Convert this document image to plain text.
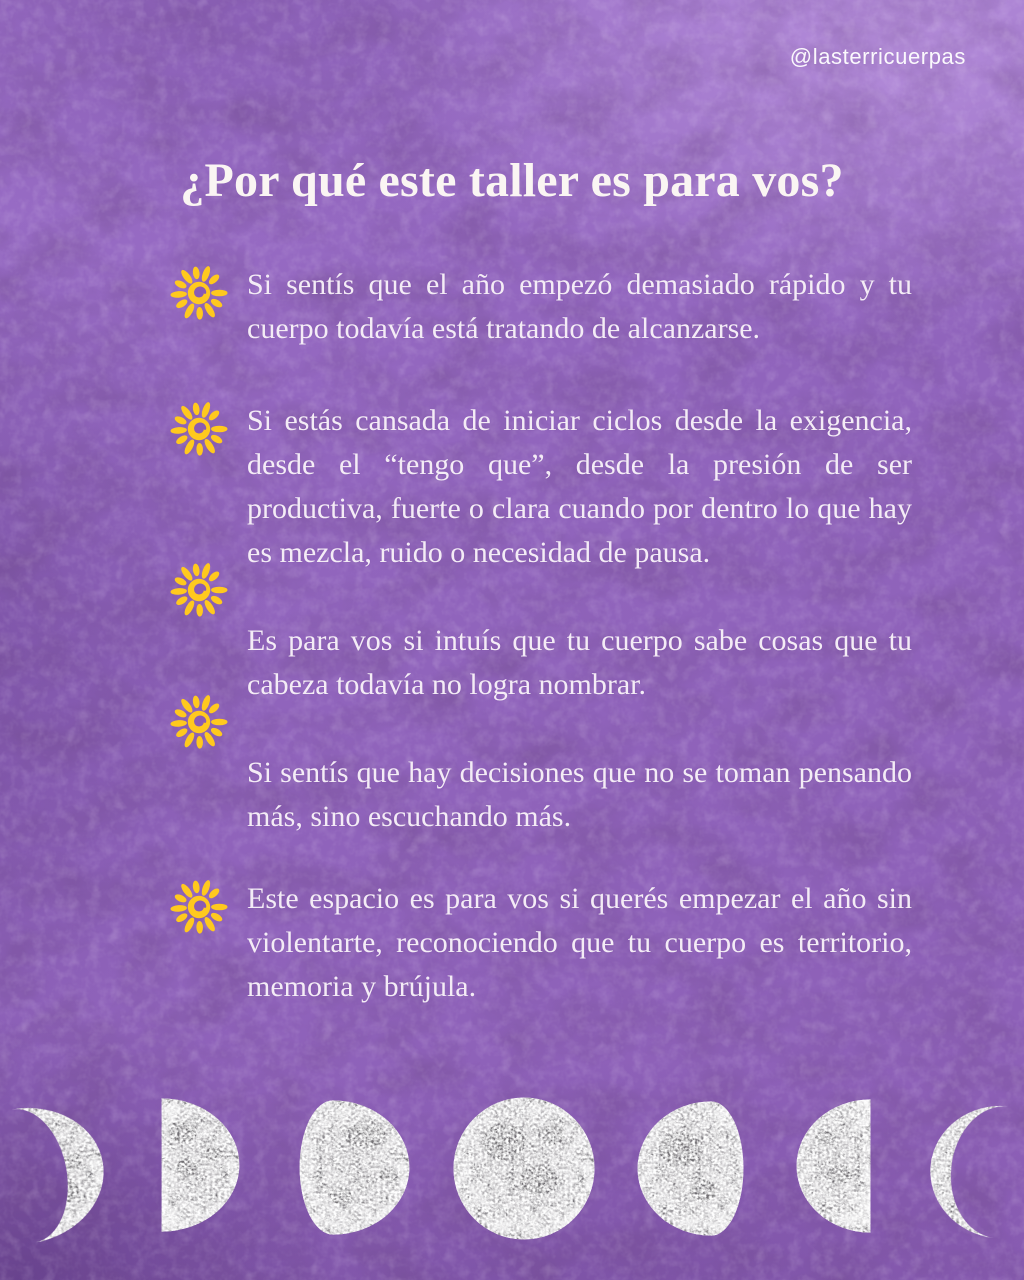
@lasterricuerpas
¿Por qué este taller es para vos?

Si sentís que el año empezó demasiado rápido y tu cuerpo todavía está tratando de alcanzarse.

Si estás cansada de iniciar ciclos desde la exigencia, desde el “tengo que”, desde la presión de ser productiva, fuerte o clara cuando por dentro lo que hay es mezcla, ruido o necesidad de pausa.

Es para vos si intuís que tu cuerpo sabe cosas que tu cabeza todavía no logra nombrar.

Si sentís que hay decisiones que no se toman pensando más, sino escuchando más.

Este espacio es para vos si querés empezar el año sin violentarte, reconociendo que tu cuerpo es territorio, memoria y brújula.
